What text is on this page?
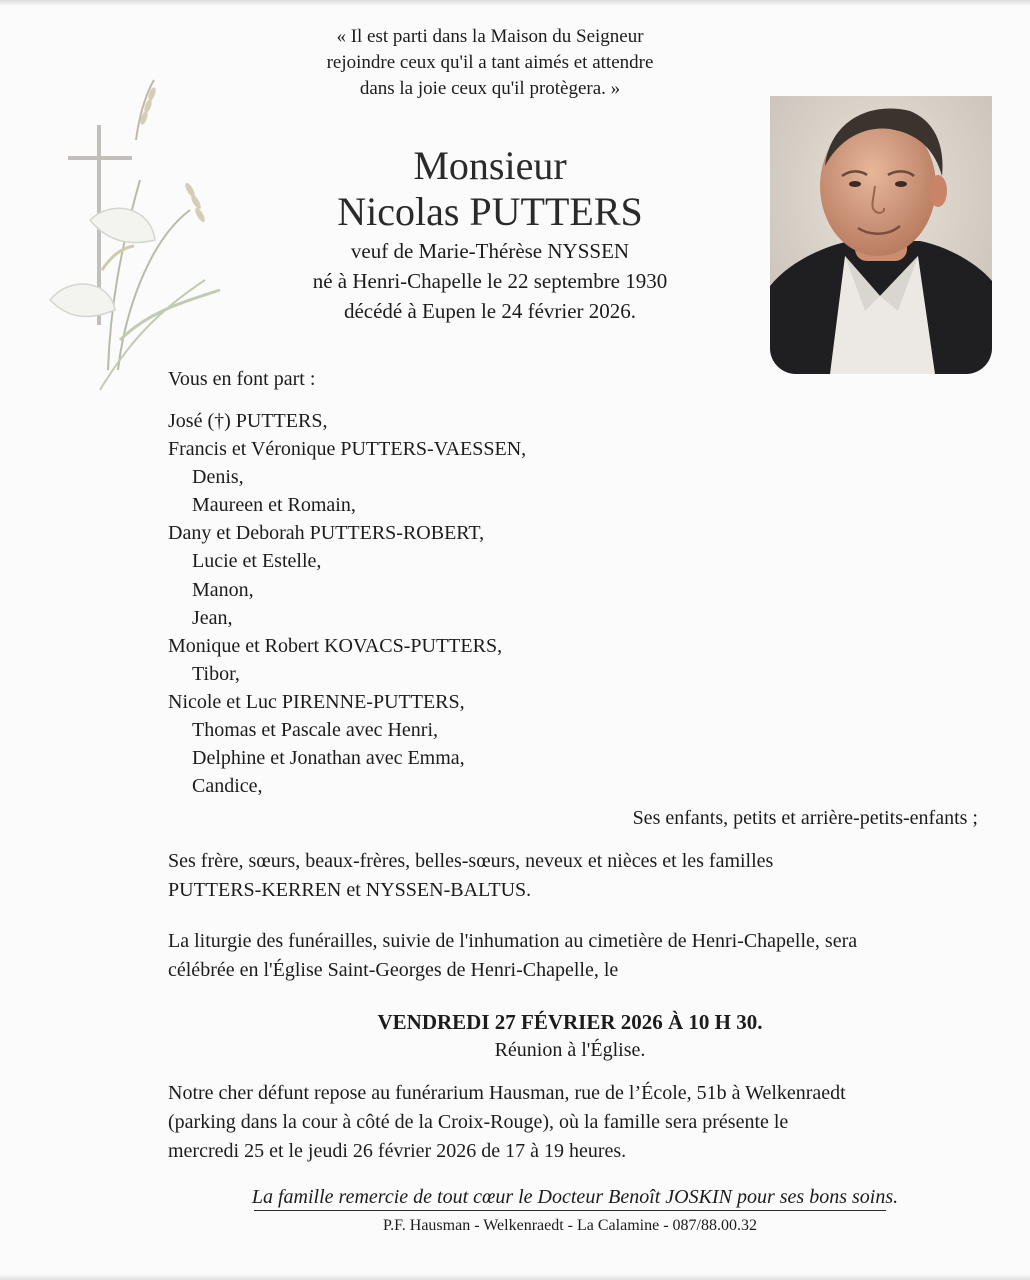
« Il est parti dans la Maison du Seigneur
rejoindre ceux qu'il a tant aimés et attendre
dans la joie ceux qu'il protègera. »
Monsieur
Nicolas PUTTERS
veuf de Marie-Thérèse NYSSEN
né à Henri-Chapelle le 22 septembre 1930
décédé à Eupen le 24 février 2026.
Vous en font part :
José (†) PUTTERS,
Francis et Véronique PUTTERS-VAESSEN,
Denis,
Maureen et Romain,
Dany et Deborah PUTTERS-ROBERT,
Lucie et Estelle,
Manon,
Jean,
Monique et Robert KOVACS-PUTTERS,
Tibor,
Nicole et Luc PIRENNE-PUTTERS,
Thomas et Pascale avec Henri,
Delphine et Jonathan avec Emma,
Candice,
Ses enfants, petits et arrière-petits-enfants ;
Ses frère, sœurs, beaux-frères, belles-sœurs, neveux et nièces et les familles
PUTTERS-KERREN et NYSSEN-BALTUS.
La liturgie des funérailles, suivie de l'inhumation au cimetière de Henri-Chapelle, sera
célébrée en l'Église Saint-Georges de Henri-Chapelle, le
VENDREDI 27 FÉVRIER 2026 À 10 H 30.
Réunion à l'Église.
Notre cher défunt repose au funérarium Hausman, rue de l’École, 51b à Welkenraedt
(parking dans la cour à côté de la Croix-Rouge), où la famille sera présente le
mercredi 25 et le jeudi 26 février 2026 de 17 à 19 heures.
La famille remercie de tout cœur le Docteur Benoît JOSKIN pour ses bons soins.
P.F. Hausman - Welkenraedt - La Calamine - 087/88.00.32
